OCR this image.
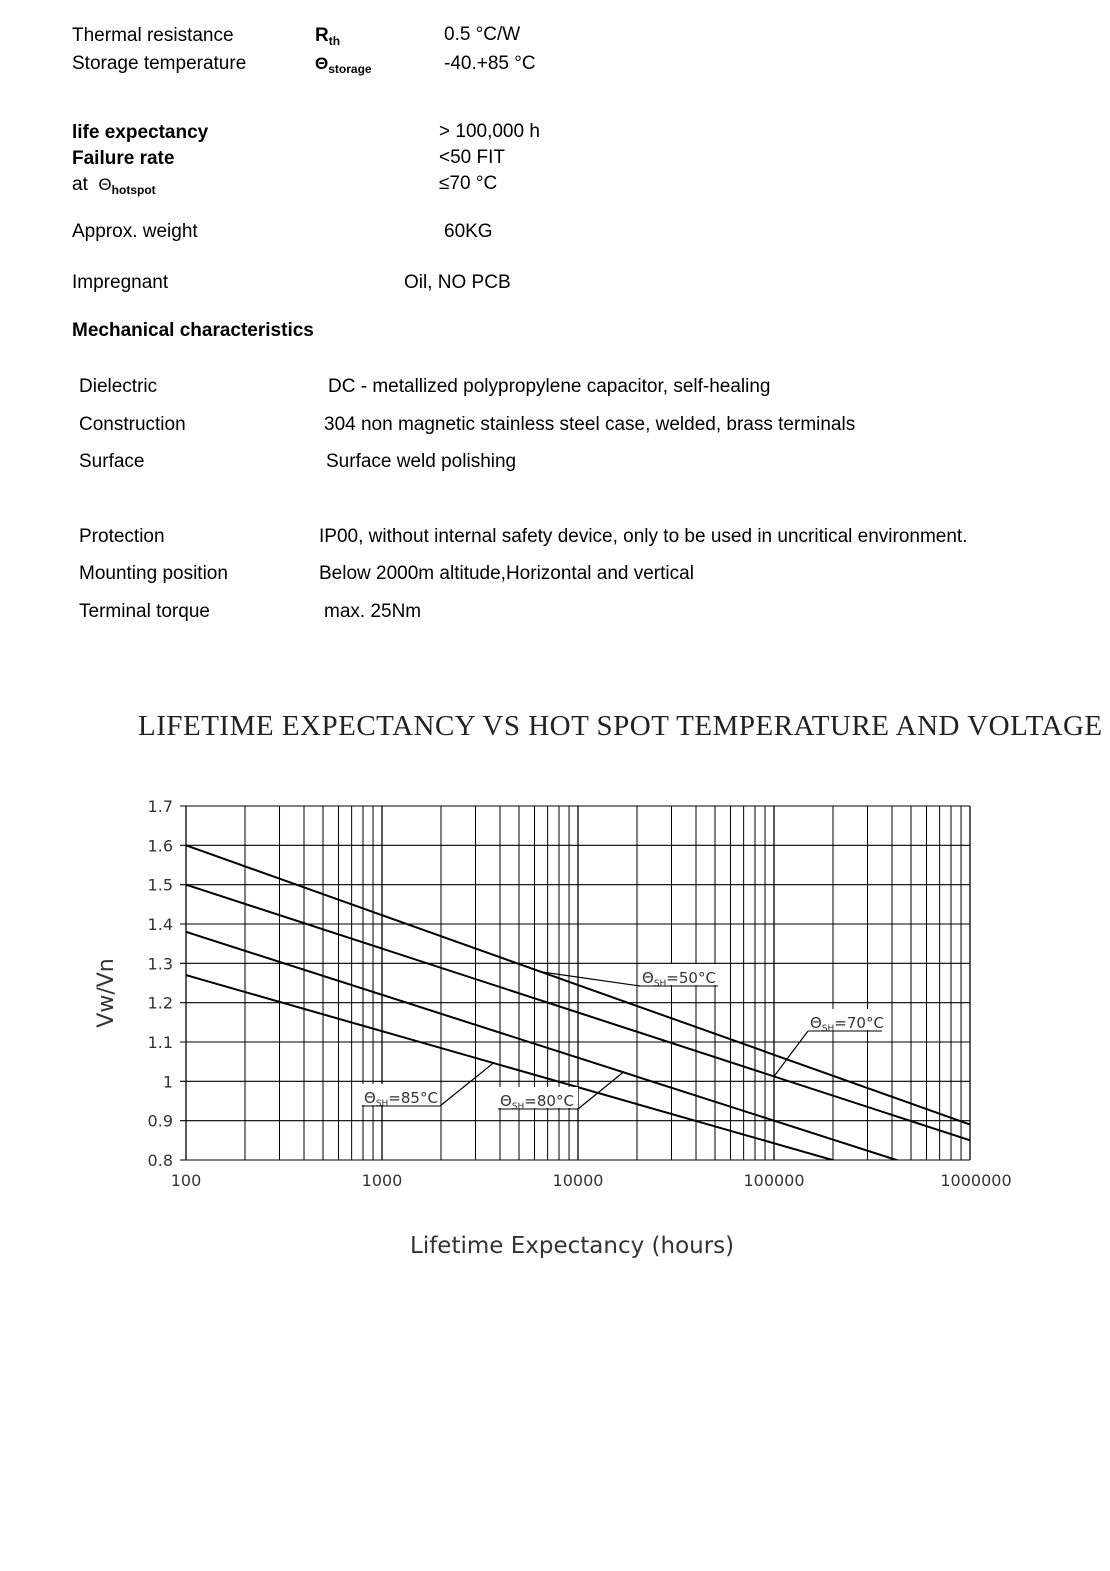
Thermal resistance	$R_{th}$	0.5 °C/W
Storage temperature	$\Theta_{storage}$	-40.+85 °C
life expectancy	> 100,000 h
Failure rate	<50 FIT
at $\Theta_{hotspot}$	≤70 °C
Approx. weight	60KG
Impregnant	Oil, NO PCB
Mechanical characteristics
Dielectric	DC - metallized polypropylene capacitor, self-healing
Construction	304 non magnetic stainless steel case, welded, brass terminals
Surface	Surface weld polishing
Protection	IP00, without internal safety device, only to be used in uncritical environment.
Mounting position	Below 2000m altitude,Horizontal and vertical
Terminal torque	max. 25Nm
LIFETIME EXPECTANCY VS HOT SPOT TEMPERATURE AND VOLTAGE
1.7
1.6
1.5
1.4
1.3
1.2
1.1
1
0.9
0.8
100	1000	10000	100000	1000000
$\Theta_{SH}=50^\circ C$
$\Theta_{SH}=70^\circ C$
$\Theta_{SH}=80^\circ C$
$\Theta_{SH}=85^\circ C$
Vw/Vn
Lifetime Expectancy (hours)
